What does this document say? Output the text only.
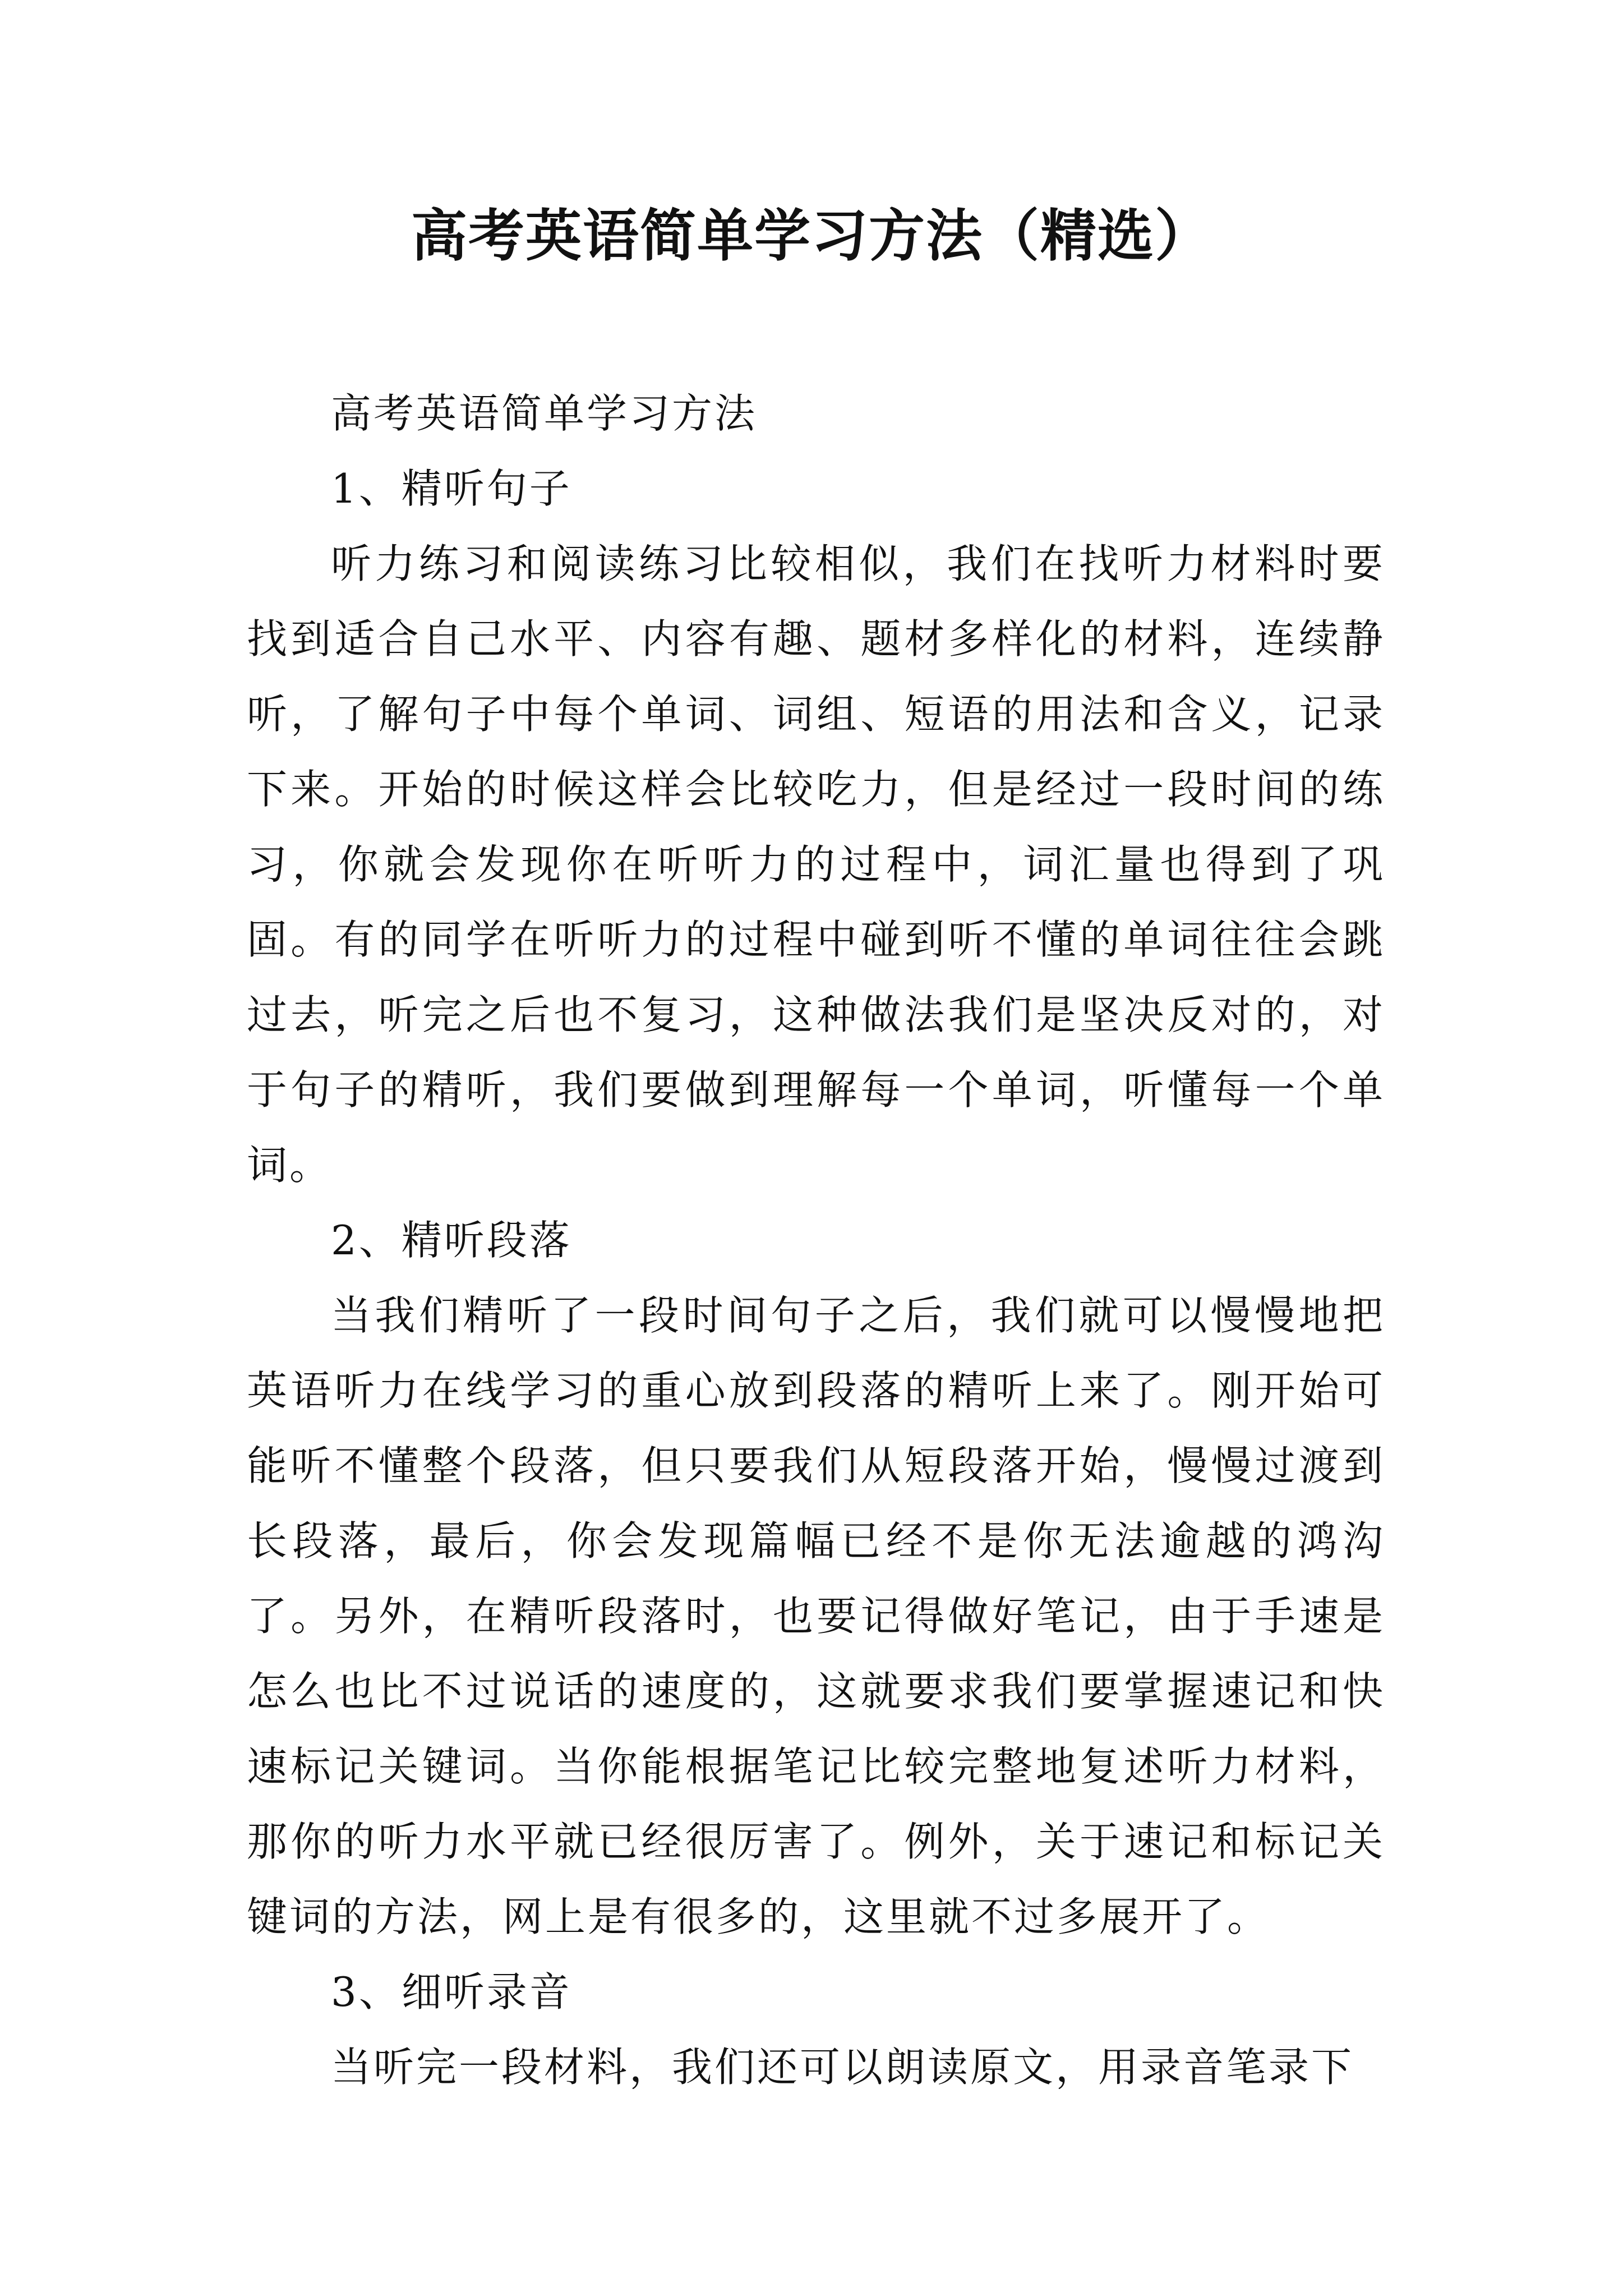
高考英语简单学习方法（精选）

高考英语简单学习方法

1、精听句子

听力练习和阅读练习比较相似，我们在找听力材料时要找到适合自己水平、内容有趣、题材多样化的材料，连续静听，了解句子中每个单词、词组、短语的用法和含义，记录下来。开始的时候这样会比较吃力，但是经过一段时间的练习，你就会发现你在听听力的过程中，词汇量也得到了巩固。有的同学在听听力的过程中碰到听不懂的单词往往会跳过去，听完之后也不复习，这种做法我们是坚决反对的，对于句子的精听，我们要做到理解每一个单词，听懂每一个单词。

2、精听段落

当我们精听了一段时间句子之后，我们就可以慢慢地把英语听力在线学习的重心放到段落的精听上来了。刚开始可能听不懂整个段落，但只要我们从短段落开始，慢慢过渡到长段落，最后，你会发现篇幅已经不是你无法逾越的鸿沟了。另外，在精听段落时，也要记得做好笔记，由于手速是怎么也比不过说话的速度的，这就要求我们要掌握速记和快速标记关键词。当你能根据笔记比较完整地复述听力材料，那你的听力水平就已经很厉害了。例外，关于速记和标记关键词的方法，网上是有很多的，这里就不过多展开了。

3、细听录音

当听完一段材料，我们还可以朗读原文，用录音笔录下
